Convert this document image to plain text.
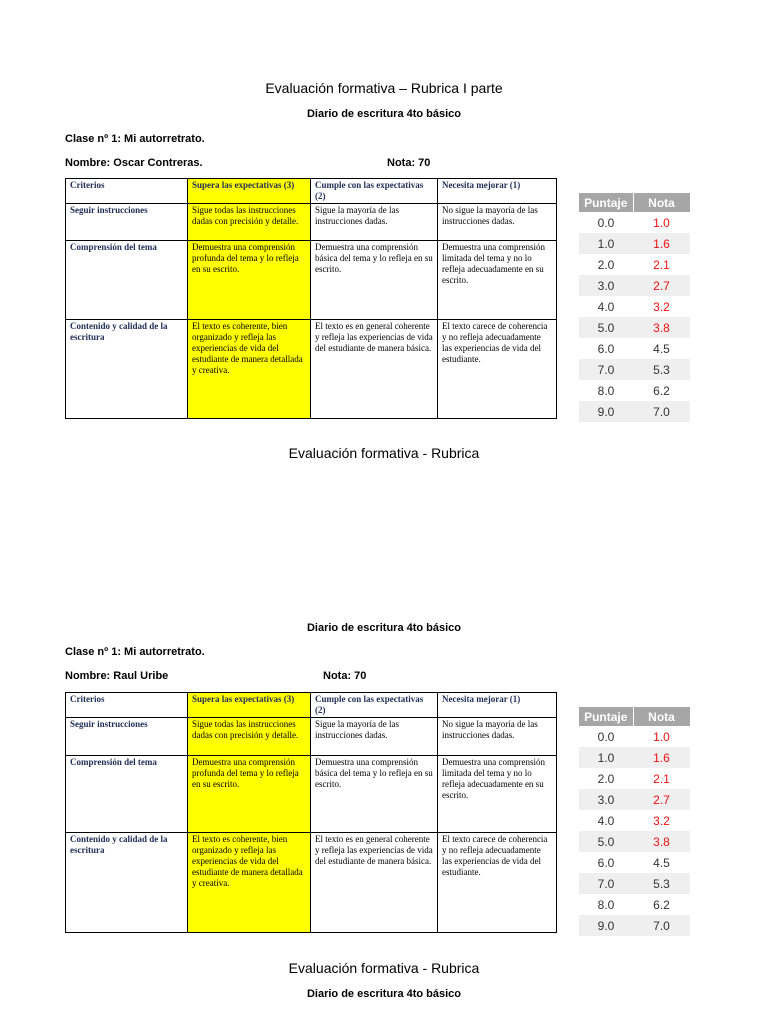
Evaluación formativa – Rubrica I parte
Diario de escritura 4to básico
Clase nº 1: Mi autorretrato.
Nombre: Oscar Contreras.	Nota: 70
Criterios	Supera las expectativas (3)	Cumple con las expectativas (2)	Necesita mejorar (1)
Seguir instrucciones	Sigue todas las instrucciones dadas con precisión y detalle.	Sigue la mayoría de las instrucciones dadas.	No sigue la mayoría de las instrucciones dadas.
Comprensión del tema	Demuestra una comprensión profunda del tema y lo refleja en su escrito.	Demuestra una comprensión básica del tema y lo refleja en su escrito.	Demuestra una comprensión limitada del tema y no lo refleja adecuadamente en su escrito.
Contenido y calidad de la escritura	El texto es coherente, bien organizado y refleja las experiencias de vida del estudiante de manera detallada y creativa.	El texto es en general coherente y refleja las experiencias de vida del estudiante de manera básica.	El texto carece de coherencia y no refleja adecuadamente las experiencias de vida del estudiante.
Puntaje	Nota
0.0	1.0
1.0	1.6
2.0	2.1
3.0	2.7
4.0	3.2
5.0	3.8
6.0	4.5
7.0	5.3
8.0	6.2
9.0	7.0
Evaluación formativa - Rubrica
Diario de escritura 4to básico
Clase nº 1: Mi autorretrato.
Nombre: Raul Uribe	Nota: 70
Criterios	Supera las expectativas (3)	Cumple con las expectativas (2)	Necesita mejorar (1)
Seguir instrucciones	Sigue todas las instrucciones dadas con precisión y detalle.	Sigue la mayoría de las instrucciones dadas.	No sigue la mayoría de las instrucciones dadas.
Comprensión del tema	Demuestra una comprensión profunda del tema y lo refleja en su escrito.	Demuestra una comprensión básica del tema y lo refleja en su escrito.	Demuestra una comprensión limitada del tema y no lo refleja adecuadamente en su escrito.
Contenido y calidad de la escritura	El texto es coherente, bien organizado y refleja las experiencias de vida del estudiante de manera detallada y creativa.	El texto es en general coherente y refleja las experiencias de vida del estudiante de manera básica.	El texto carece de coherencia y no refleja adecuadamente las experiencias de vida del estudiante.
Puntaje	Nota
0.0	1.0
1.0	1.6
2.0	2.1
3.0	2.7
4.0	3.2
5.0	3.8
6.0	4.5
7.0	5.3
8.0	6.2
9.0	7.0
Evaluación formativa - Rubrica
Diario de escritura 4to básico
